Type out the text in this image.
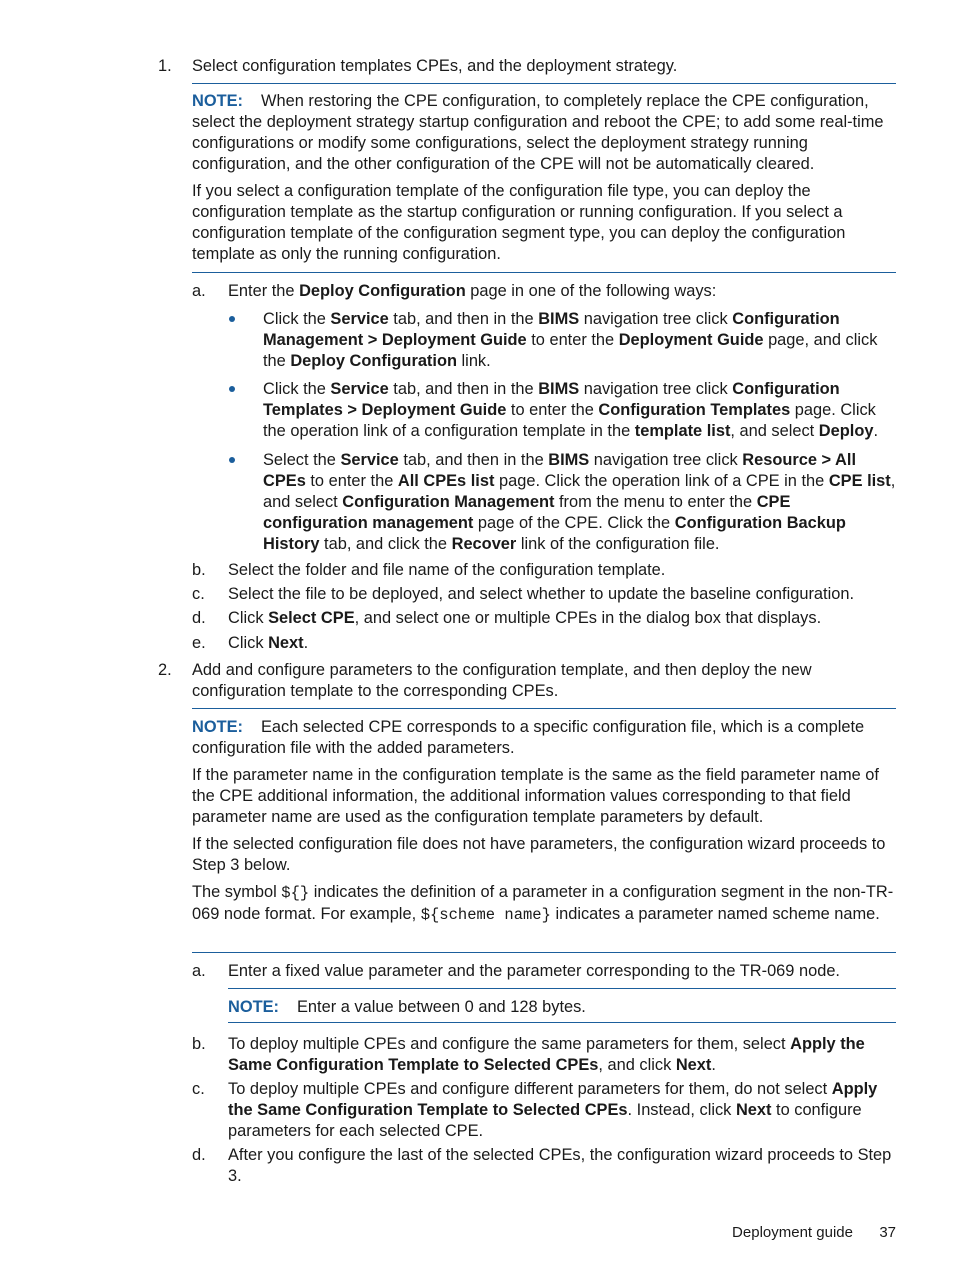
1.	Select configuration templates CPEs, and the deployment strategy.

NOTE: When restoring the CPE configuration, to completely replace the CPE configuration, select the deployment strategy startup configuration and reboot the CPE; to add some real-time configurations or modify some configurations, select the deployment strategy running configuration, and the other configuration of the CPE will not be automatically cleared.

If you select a configuration template of the configuration file type, you can deploy the configuration template as the startup configuration or running configuration. If you select a configuration template of the configuration segment type, you can deploy the configuration template as only the running configuration.

a.	Enter the Deploy Configuration page in one of the following ways:

Click the Service tab, and then in the BIMS navigation tree click Configuration Management > Deployment Guide to enter the Deployment Guide page, and click the Deploy Configuration link.

Click the Service tab, and then in the BIMS navigation tree click Configuration Templates > Deployment Guide to enter the Configuration Templates page. Click the operation link of a configuration template in the template list, and select Deploy.

Select the Service tab, and then in the BIMS navigation tree click Resource > All CPEs to enter the All CPEs list page. Click the operation link of a CPE in the CPE list, and select Configuration Management from the menu to enter the CPE configuration management page of the CPE. Click the Configuration Backup History tab, and click the Recover link of the configuration file.

b.	Select the folder and file name of the configuration template.

c.	Select the file to be deployed, and select whether to update the baseline configuration.

d.	Click Select CPE, and select one or multiple CPEs in the dialog box that displays.

e.	Click Next.

2.	Add and configure parameters to the configuration template, and then deploy the new configuration template to the corresponding CPEs.

NOTE: Each selected CPE corresponds to a specific configuration file, which is a complete configuration file with the added parameters.

If the parameter name in the configuration template is the same as the field parameter name of the CPE additional information, the additional information values corresponding to that field parameter name are used as the configuration template parameters by default.

If the selected configuration file does not have parameters, the configuration wizard proceeds to Step 3 below.

The symbol ${} indicates the definition of a parameter in a configuration segment in the non-TR-069 node format. For example, ${scheme name} indicates a parameter named scheme name.

a.	Enter a fixed value parameter and the parameter corresponding to the TR-069 node.

NOTE: Enter a value between 0 and 128 bytes.

b.	To deploy multiple CPEs and configure the same parameters for them, select Apply the Same Configuration Template to Selected CPEs, and click Next.

c.	To deploy multiple CPEs and configure different parameters for them, do not select Apply the Same Configuration Template to Selected CPEs. Instead, click Next to configure parameters for each selected CPE.

d.	After you configure the last of the selected CPEs, the configuration wizard proceeds to Step 3.

Deployment guide 37
